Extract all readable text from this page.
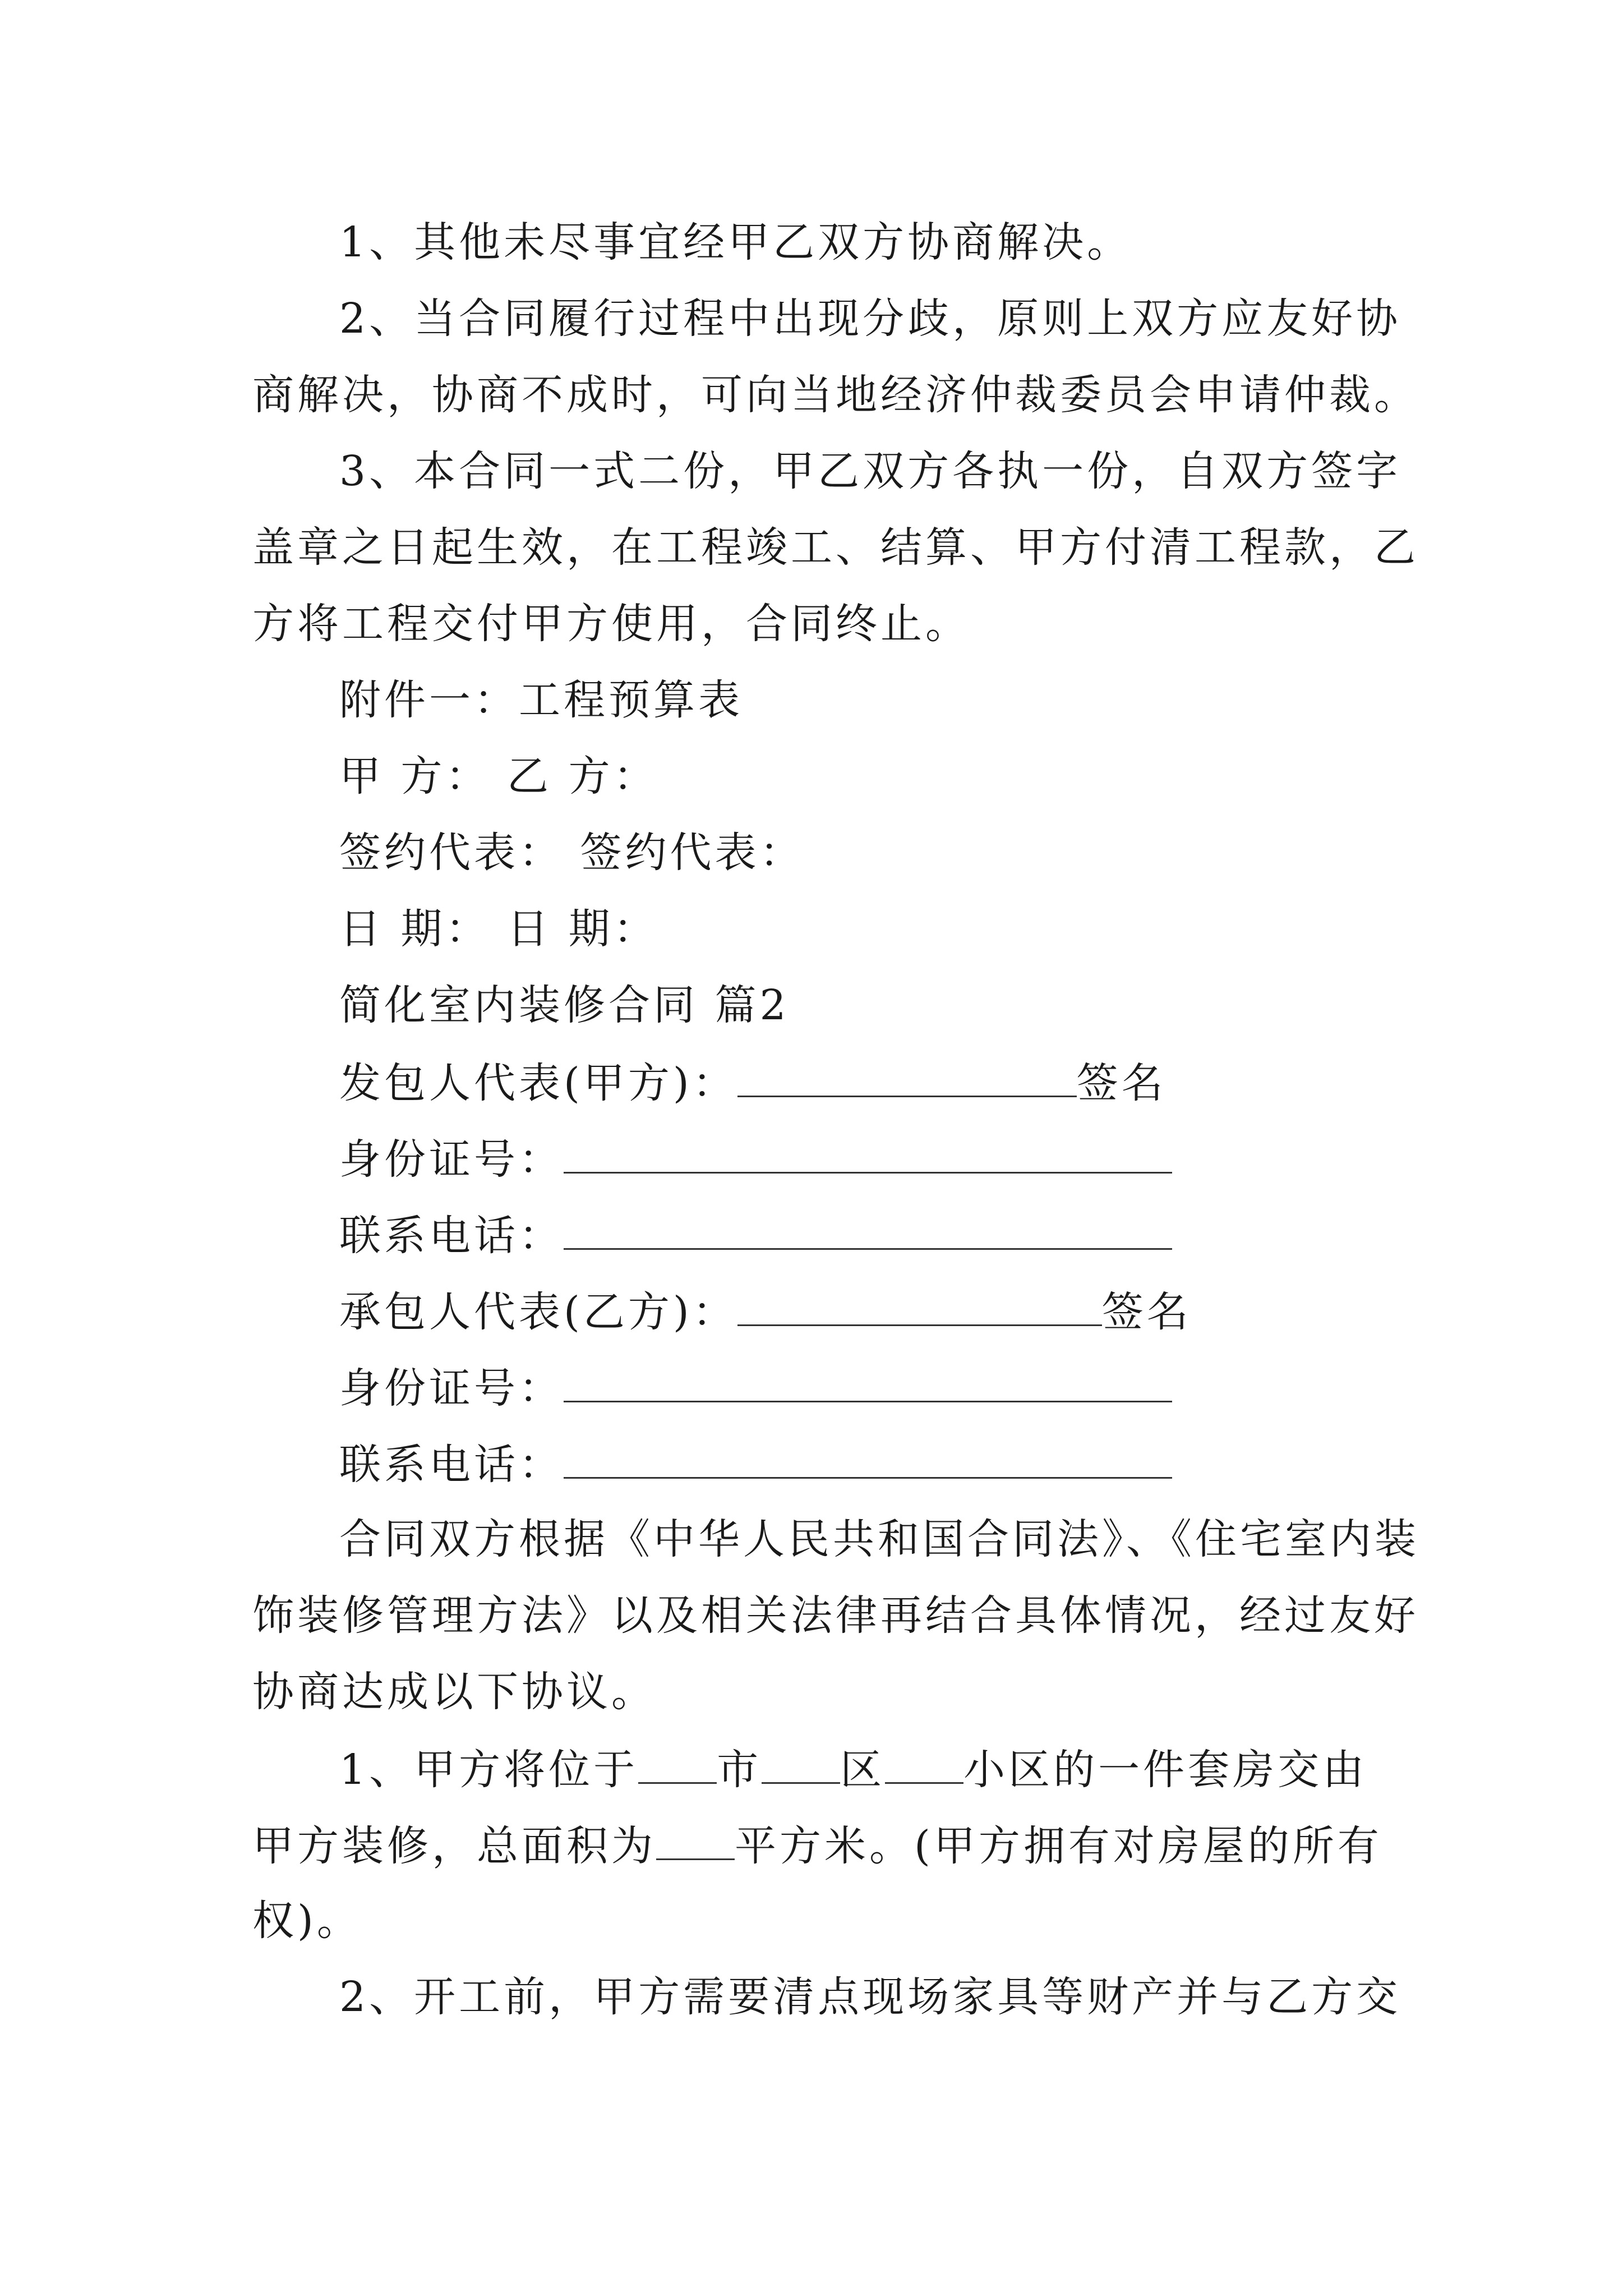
1、其他未尽事宜经甲乙双方协商解决。
2、当合同履行过程中出现分歧，原则上双方应友好协
商解决，协商不成时，可向当地经济仲裁委员会申请仲裁。
3、本合同一式二份，甲乙双方各执一份，自双方签字
盖章之日起生效，在工程竣工、结算、甲方付清工程款，乙
方将工程交付甲方使用，合同终止。
附件一：工程预算表
甲 方： 乙 方：
签约代表： 签约代表：
日 期： 日 期：
简化室内装修合同 篇2
发包人代表(甲方)：	签名
身份证号：
联系电话：
承包人代表(乙方)：	签名
身份证号：
联系电话：
合同双方根据《中华人民共和国合同法》、《住宅室内装
饰装修管理方法》以及相关法律再结合具体情况，经过友好
协商达成以下协议。
1、甲方将位于 市 区 小区的一件套房交由
甲方装修，总面积为 平方米。(甲方拥有对房屋的所有
权)。
2、开工前，甲方需要清点现场家具等财产并与乙方交
